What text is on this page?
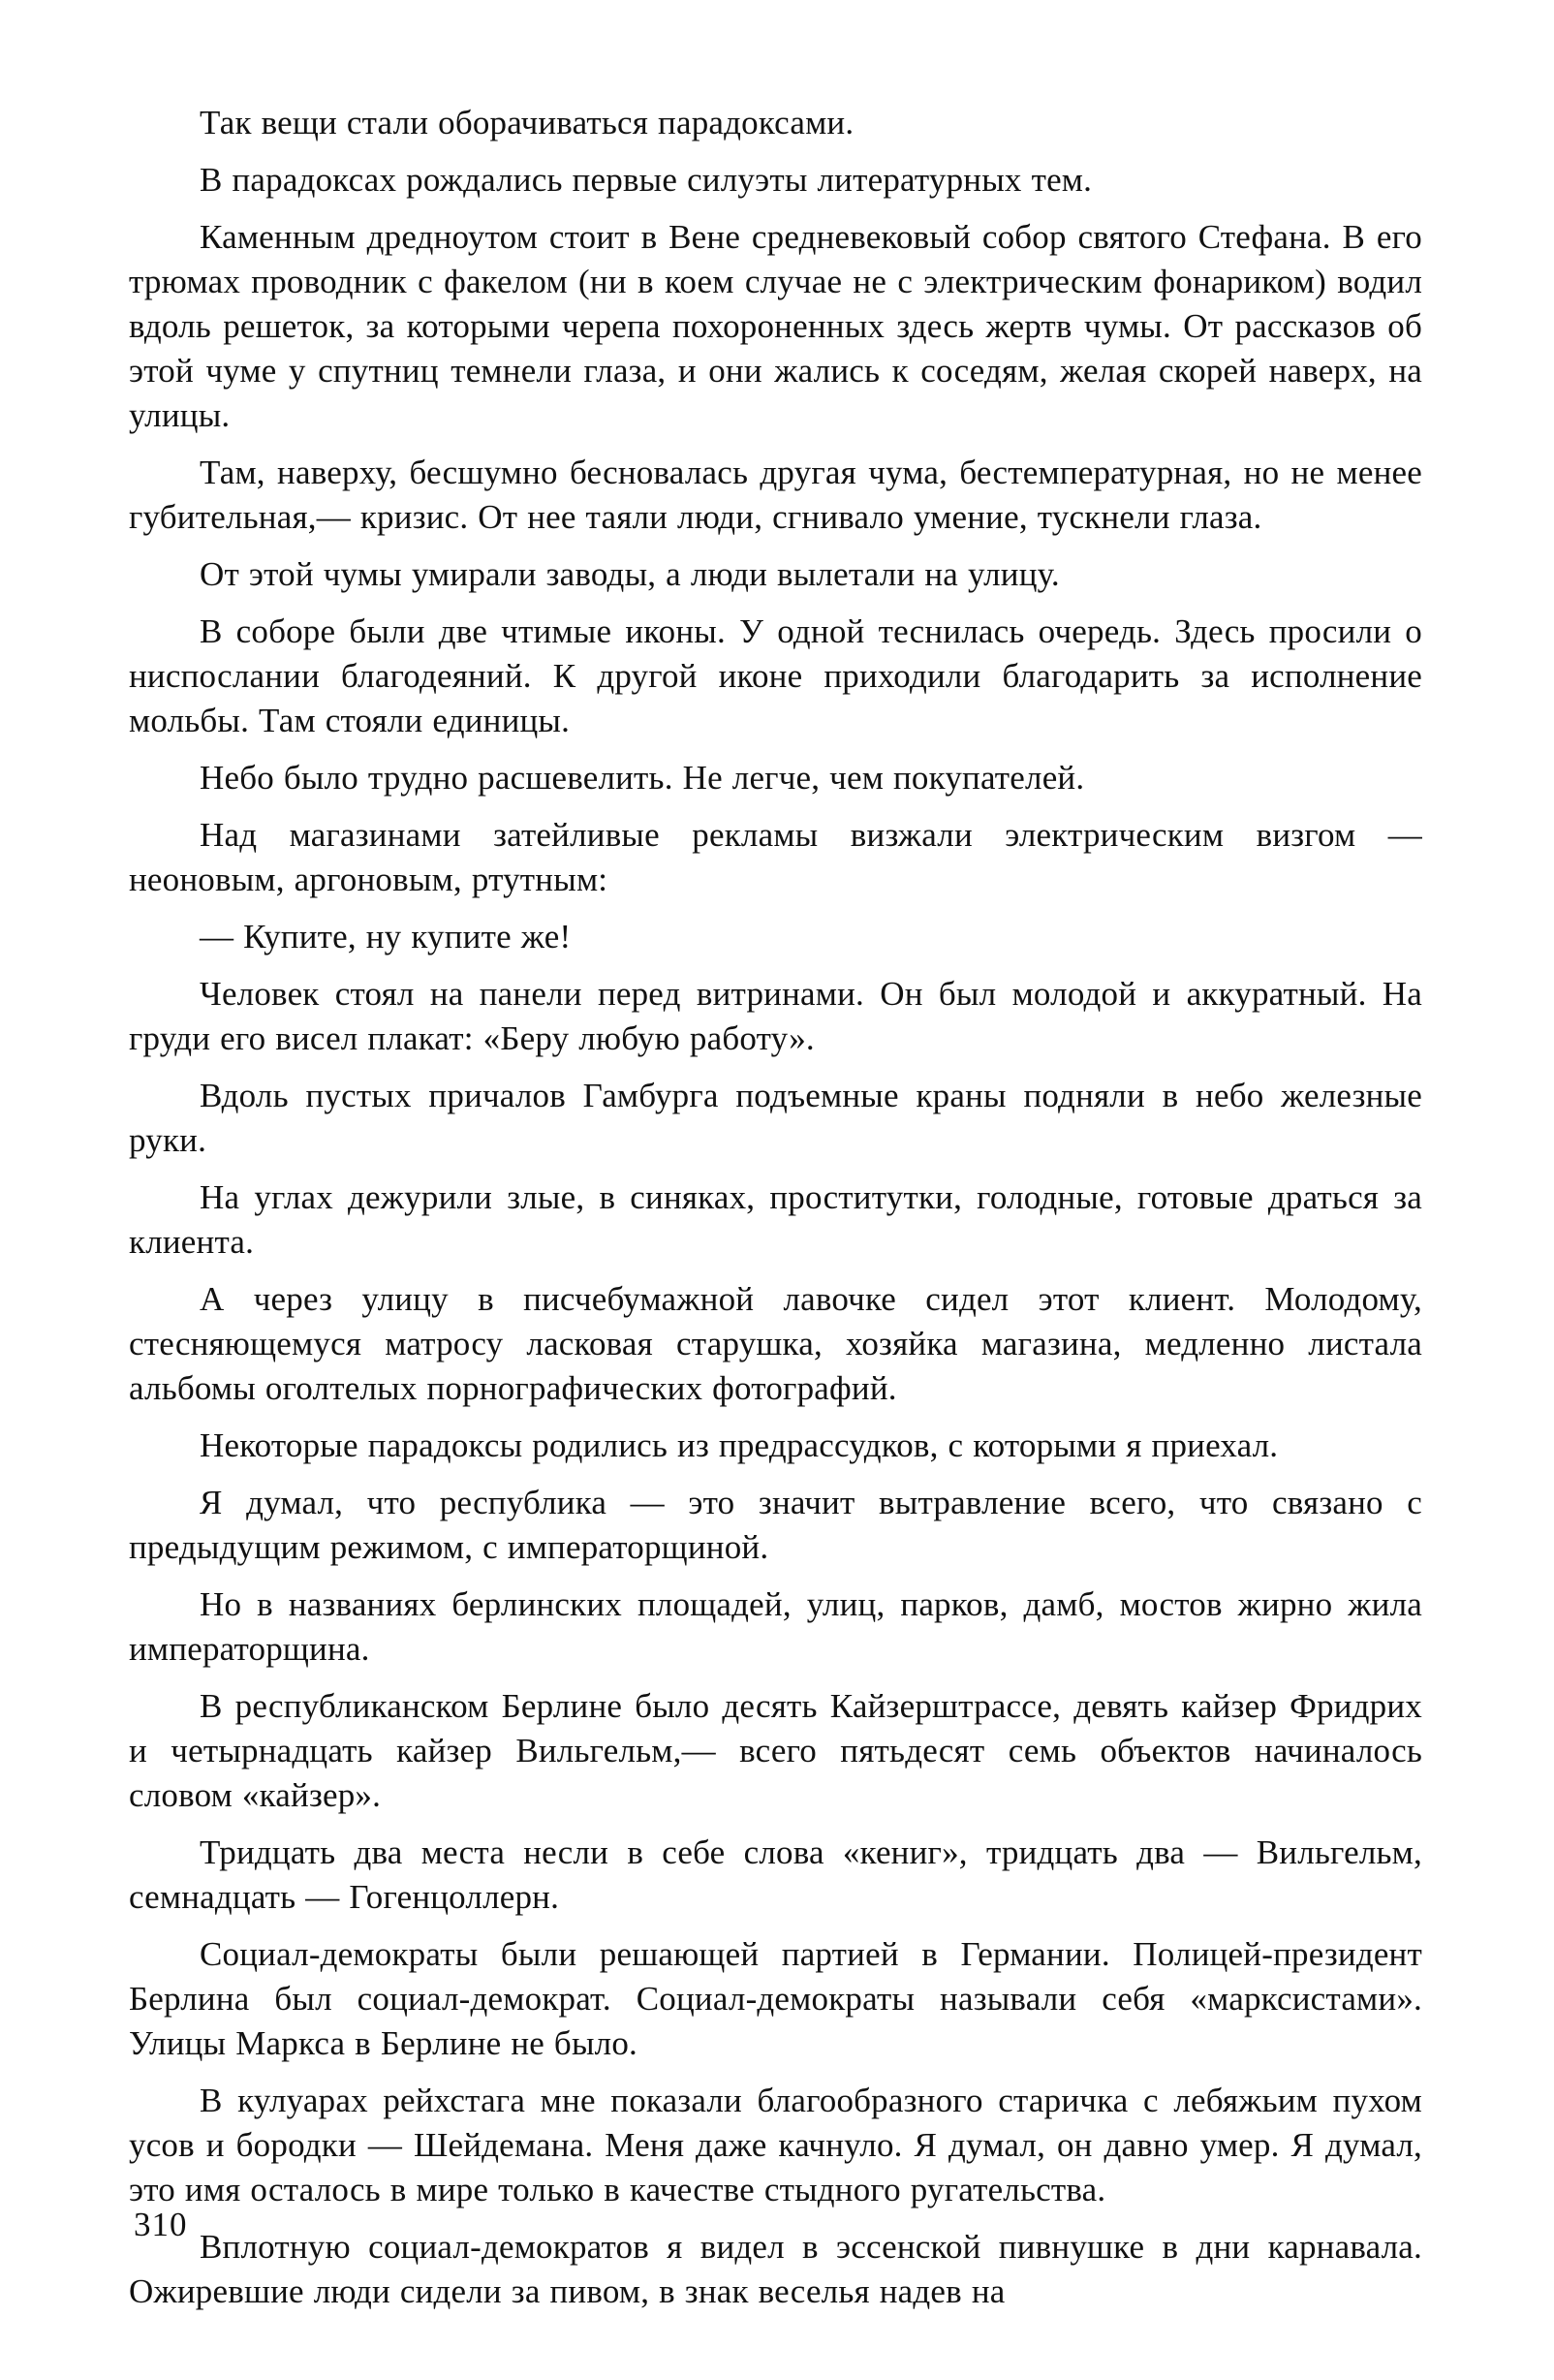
Так вещи стали оборачиваться парадоксами.

В парадоксах рождались первые силуэты литературных тем.

Каменным дредноутом стоит в Вене средневековый собор святого Стефана. В его трюмах проводник с факелом (ни в коем случае не с электрическим фонариком) водил вдоль решеток, за которыми черепа похороненных здесь жертв чумы. От рассказов об этой чуме у спутниц темнели глаза, и они жались к соседям, желая скорей наверх, на улицы.

Там, наверху, бесшумно бесновалась другая чума, бестемпературная, но не менее губительная,— кризис. От нее таяли люди, сгнивало умение, тускнели глаза.

От этой чумы умирали заводы, а люди вылетали на улицу.

В соборе были две чтимые иконы. У одной теснилась очередь. Здесь просили о ниспослании благодеяний. К другой иконе приходили благодарить за исполнение мольбы. Там стояли единицы.

Небо было трудно расшевелить. Не легче, чем покупателей.

Над магазинами затейливые рекламы визжали электрическим визгом — неоновым, аргоновым, ртутным:

— Купите, ну купите же!

Человек стоял на панели перед витринами. Он был молодой и аккуратный. На груди его висел плакат: «Беру любую работу».

Вдоль пустых причалов Гамбурга подъемные краны подняли в небо железные руки.

На углах дежурили злые, в синяках, проститутки, голодные, готовые драться за клиента.

А через улицу в писчебумажной лавочке сидел этот клиент. Молодому, стесняющемуся матросу ласковая старушка, хозяйка магазина, медленно листала альбомы оголтелых порнографических фотографий.

Некоторые парадоксы родились из предрассудков, с которыми я приехал.

Я думал, что республика — это значит вытравление всего, что связано с предыдущим режимом, с императорщиной.

Но в названиях берлинских площадей, улиц, парков, дамб, мостов жирно жила императорщина.

В республиканском Берлине было десять Кайзерштрассе, девять кайзер Фридрих и четырнадцать кайзер Вильгельм,— всего пятьдесят семь объектов начиналось словом «кайзер».

Тридцать два места несли в себе слова «кениг», тридцать два — Вильгельм, семнадцать — Гогенцоллерн.

Социал-демократы были решающей партией в Германии. Полицей-президент Берлина был социал-демократ. Социал-демократы называли себя «марксистами». Улицы Маркса в Берлине не было.

В кулуарах рейхстага мне показали благообразного старичка с лебяжьим пухом усов и бородки — Шейдемана. Меня даже качнуло. Я думал, он давно умер. Я думал, это имя осталось в мире только в качестве стыдного ругательства.

Вплотную социал-демократов я видел в эссенской пивнушке в дни карнавала. Ожиревшие люди сидели за пивом, в знак веселья надев на

310
